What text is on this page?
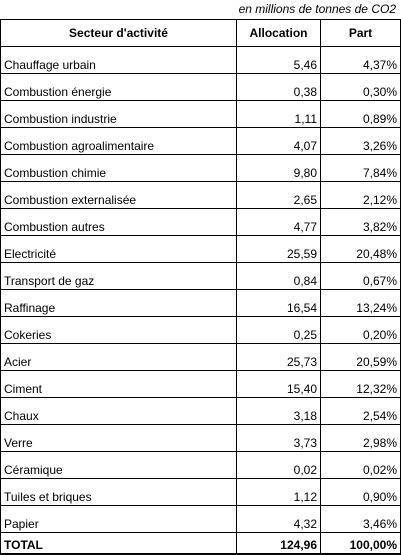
en millions de tonnes de CO2
Secteur d'activité	Allocation	Part
Chauffage urbain	5,46	4,37%
Combustion énergie	0,38	0,30%
Combustion industrie	1,11	0,89%
Combustion agroalimentaire	4,07	3,26%
Combustion chimie	9,80	7,84%
Combustion externalisée	2,65	2,12%
Combustion autres	4,77	3,82%
Electricité	25,59	20,48%
Transport de gaz	0,84	0,67%
Raffinage	16,54	13,24%
Cokeries	0,25	0,20%
Acier	25,73	20,59%
Ciment	15,40	12,32%
Chaux	3,18	2,54%
Verre	3,73	2,98%
Céramique	0,02	0,02%
Tuiles et briques	1,12	0,90%
Papier	4,32	3,46%
TOTAL	124,96	100,00%
